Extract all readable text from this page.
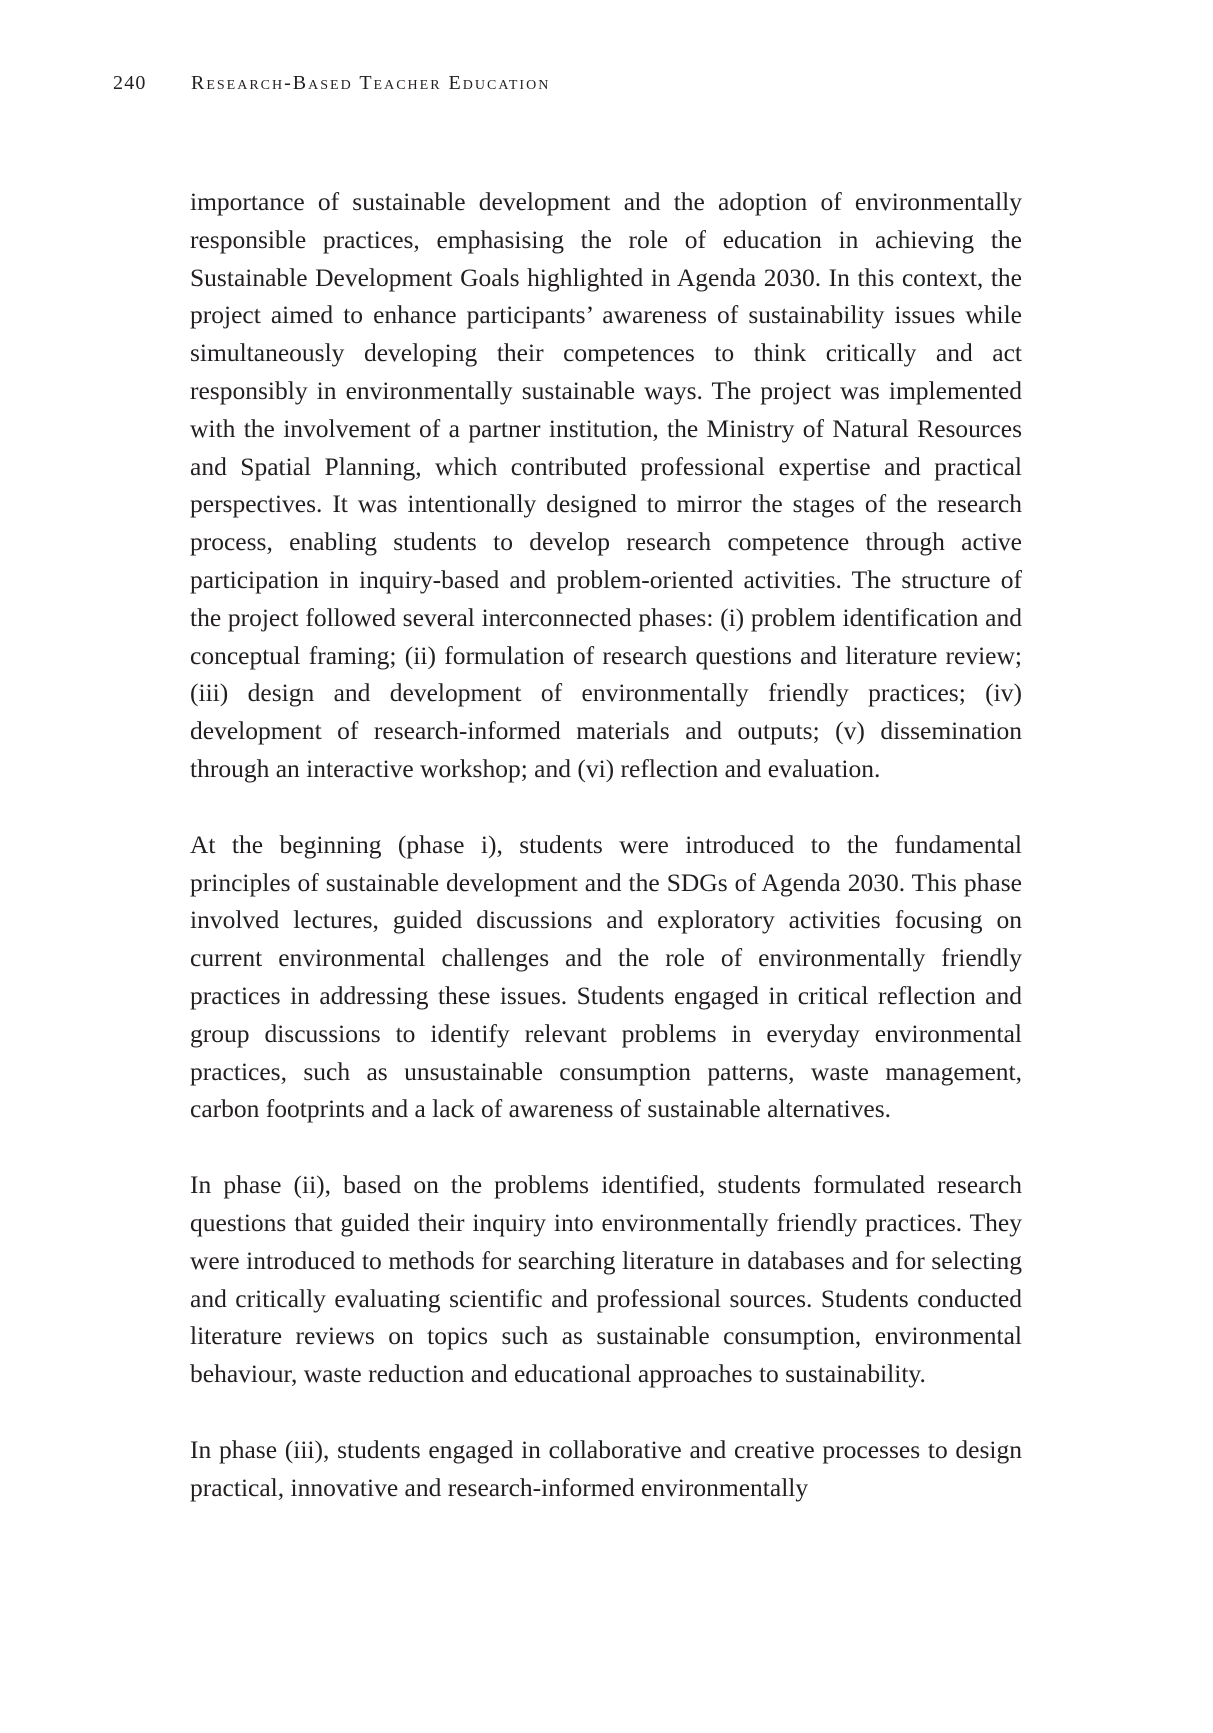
240 Research-Based Teacher Education

importance of sustainable development and the adoption of environmentally responsible practices, emphasising the role of education in achieving the Sustainable Development Goals highlighted in Agenda 2030. In this context, the project aimed to enhance participants’ awareness of sustainability issues while simultaneously developing their competences to think critically and act responsibly in environmentally sustainable ways. The project was implemented with the involvement of a partner institution, the Ministry of Natural Resources and Spatial Planning, which contributed professional expertise and practical perspectives. It was intentionally designed to mirror the stages of the research process, enabling students to develop research competence through active participation in inquiry-based and problem-oriented activities. The structure of the project followed several interconnected phases: (i) problem identification and conceptual framing; (ii) formulation of research questions and literature review; (iii) design and development of environmentally friendly practices; (iv) development of research-informed materials and outputs; (v) dissemination through an interactive workshop; and (vi) reflection and evaluation.

At the beginning (phase i), students were introduced to the fundamental principles of sustainable development and the SDGs of Agenda 2030. This phase involved lectures, guided discussions and exploratory activities focusing on current environmental challenges and the role of environmentally friendly practices in addressing these issues. Students engaged in critical reflection and group discussions to identify relevant problems in everyday environmental practices, such as unsustainable consumption patterns, waste management, carbon footprints and a lack of awareness of sustainable alternatives.

In phase (ii), based on the problems identified, students formulated research questions that guided their inquiry into environmentally friendly practices. They were introduced to methods for searching literature in databases and for selecting and critically evaluating scientific and professional sources. Students conducted literature reviews on topics such as sustainable consumption, environmental behaviour, waste reduction and educational approaches to sustainability.

In phase (iii), students engaged in collaborative and creative processes to design practical, innovative and research-informed environmentally
